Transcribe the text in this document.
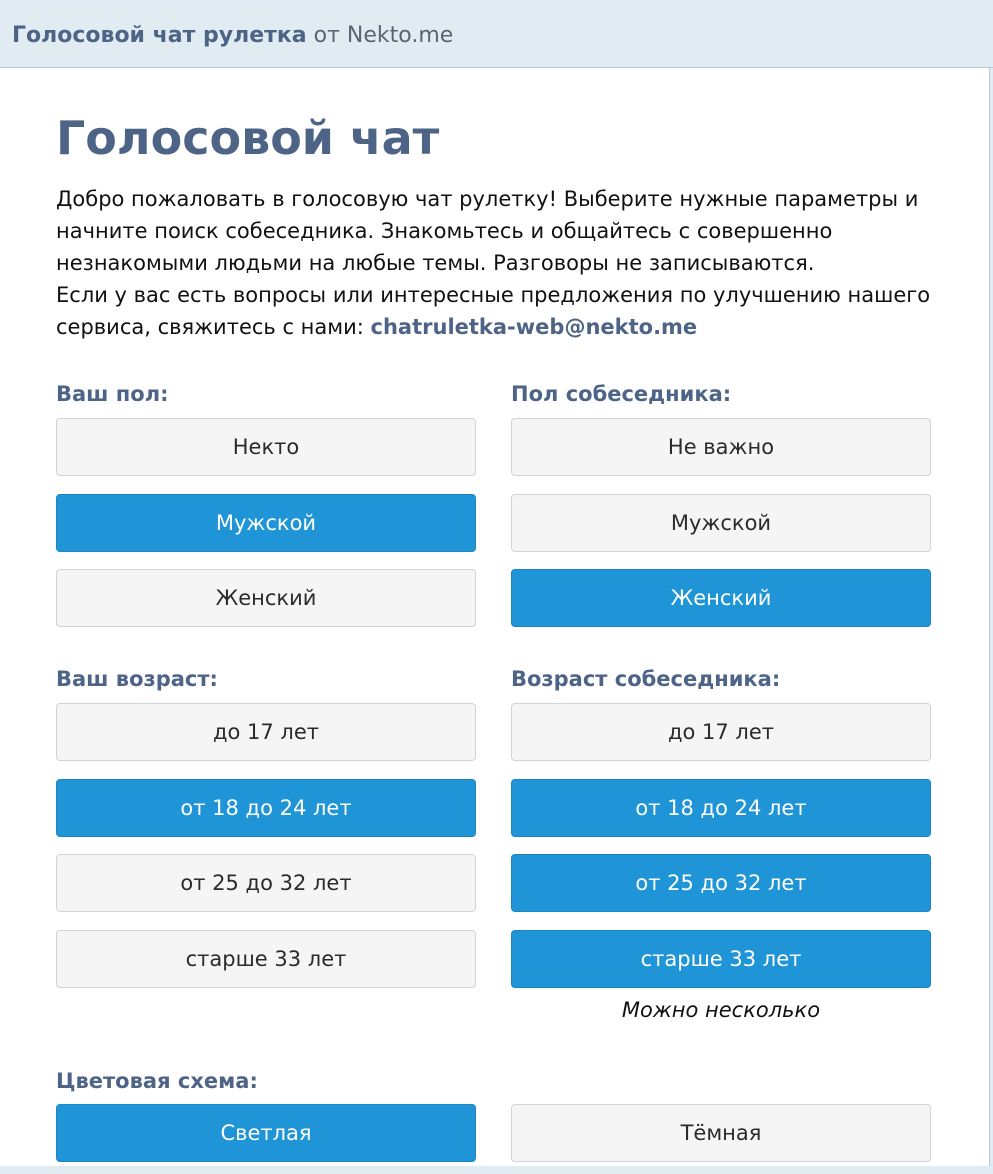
Голосовой чат рулетка от Nekto.me
Голосовой чат
Добро пожаловать в голосовую чат рулетку! Выберите нужные параметры и
начните поиск собеседника. Знакомьтесь и общайтесь с совершенно
незнакомыми людьми на любые темы. Разговоры не записываются.
Если у вас есть вопросы или интересные предложения по улучшению нашего
сервиса, свяжитесь с нами: chatruletka-web@nekto.me
Ваш пол:
Некто
Мужской
Женский
Пол собеседника:
Не важно
Мужской
Женский
Ваш возраст:
до 17 лет
от 18 до 24 лет
от 25 до 32 лет
старше 33 лет
Возраст собеседника:
до 17 лет
от 18 до 24 лет
от 25 до 32 лет
старше 33 лет
Можно несколько
Цветовая схема:
Светлая	Тёмная
